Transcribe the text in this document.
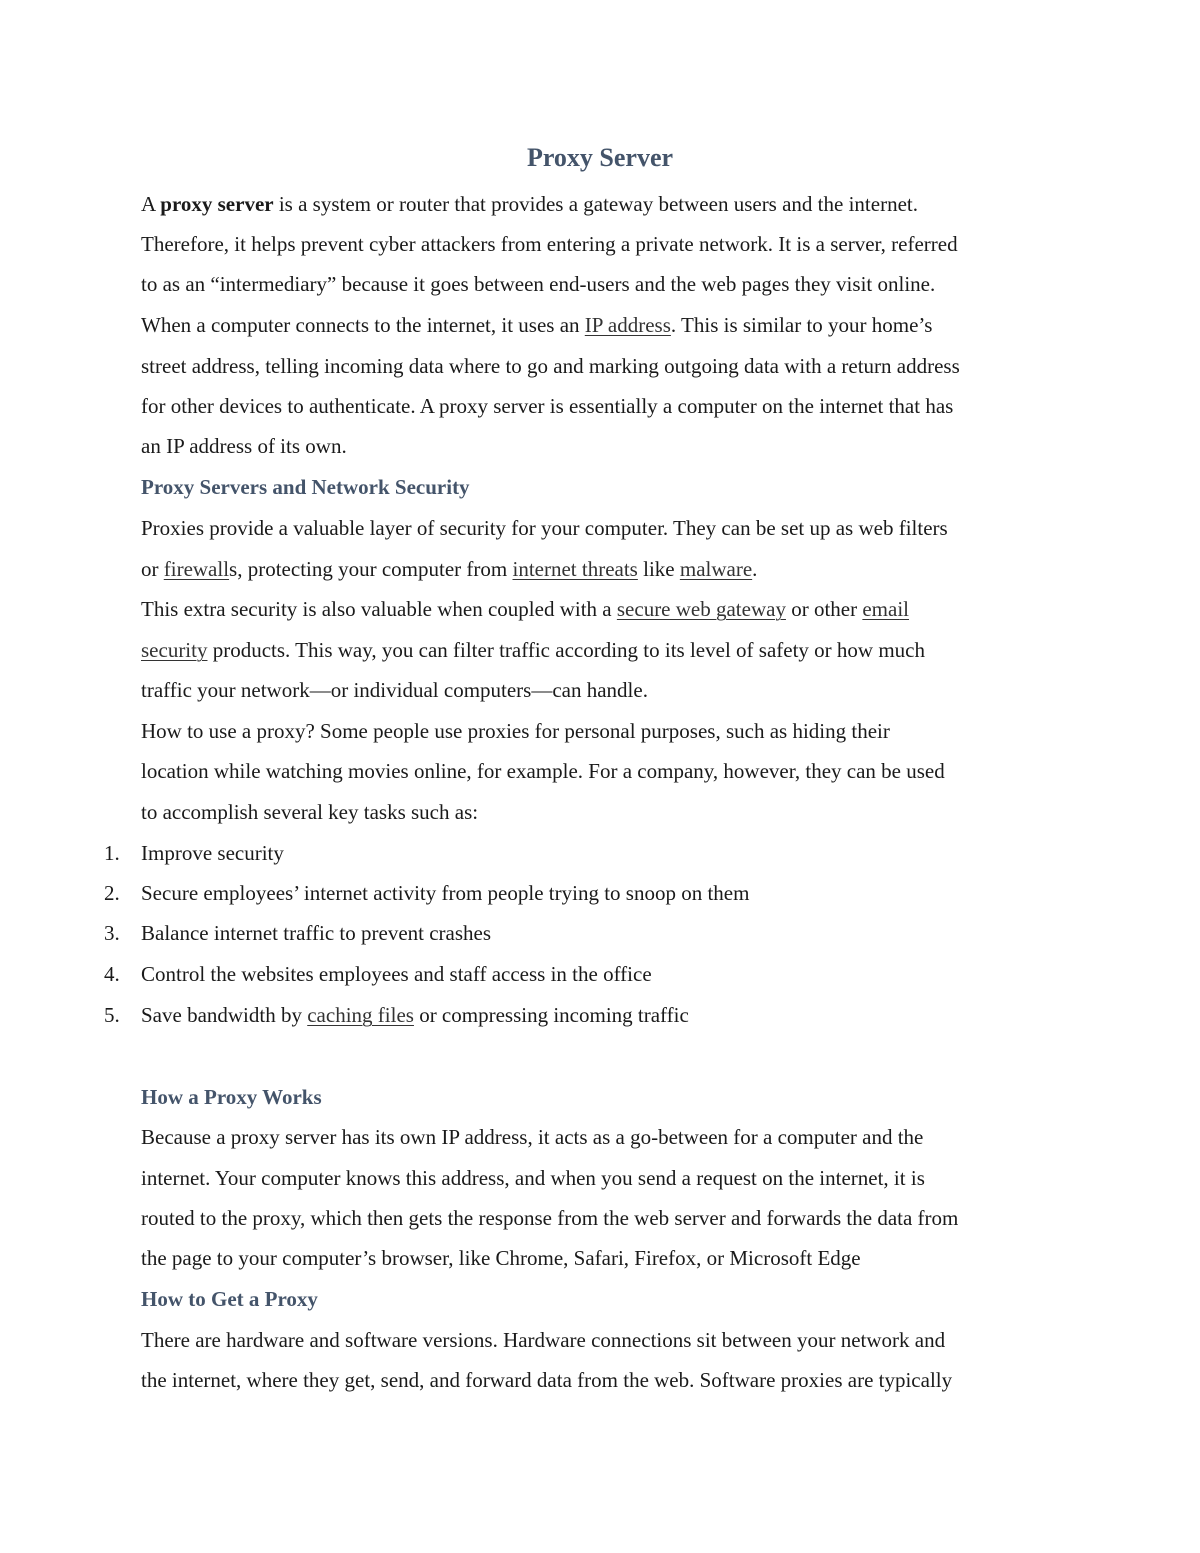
Proxy Server
A proxy server is a system or router that provides a gateway between users and the internet.
Therefore, it helps prevent cyber attackers from entering a private network. It is a server, referred
to as an “intermediary” because it goes between end-users and the web pages they visit online.
When a computer connects to the internet, it uses an IP address. This is similar to your home’s
street address, telling incoming data where to go and marking outgoing data with a return address
for other devices to authenticate. A proxy server is essentially a computer on the internet that has
an IP address of its own.
Proxy Servers and Network Security
Proxies provide a valuable layer of security for your computer. They can be set up as web filters
or firewalls, protecting your computer from internet threats like malware.
This extra security is also valuable when coupled with a secure web gateway or other email
security products. This way, you can filter traffic according to its level of safety or how much
traffic your network—or individual computers—can handle.
How to use a proxy? Some people use proxies for personal purposes, such as hiding their
location while watching movies online, for example. For a company, however, they can be used
to accomplish several key tasks such as:
1. Improve security
2. Secure employees’ internet activity from people trying to snoop on them
3. Balance internet traffic to prevent crashes
4. Control the websites employees and staff access in the office
5. Save bandwidth by caching files or compressing incoming traffic
How a Proxy Works
Because a proxy server has its own IP address, it acts as a go-between for a computer and the
internet. Your computer knows this address, and when you send a request on the internet, it is
routed to the proxy, which then gets the response from the web server and forwards the data from
the page to your computer’s browser, like Chrome, Safari, Firefox, or Microsoft Edge
How to Get a Proxy
There are hardware and software versions. Hardware connections sit between your network and
the internet, where they get, send, and forward data from the web. Software proxies are typically
